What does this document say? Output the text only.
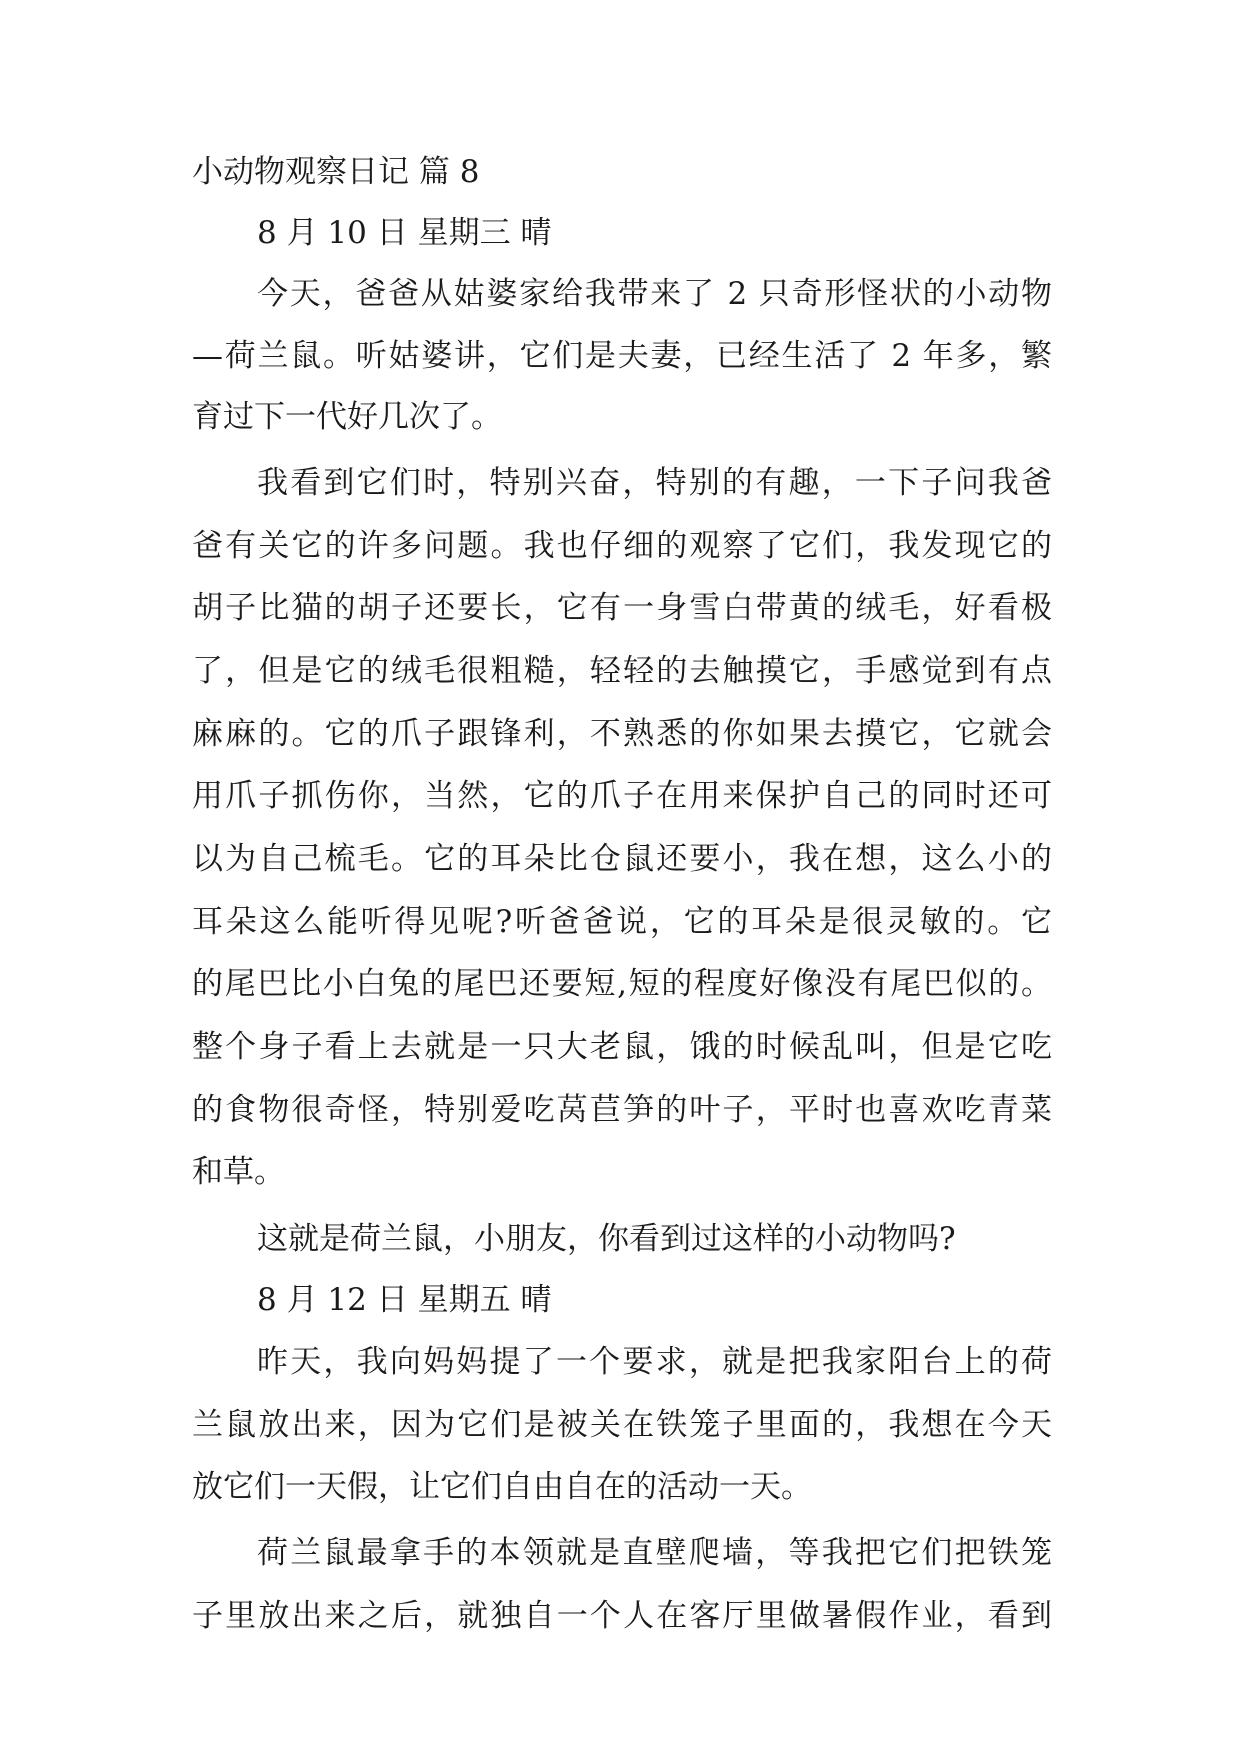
小动物观察日记 篇 8
8 月 10 日 星期三 晴
今天，爸爸从姑婆家给我带来了 2 只奇形怪状的小动物
—荷兰鼠。听姑婆讲，它们是夫妻，已经生活了 2 年多，繁
育过下一代好几次了。
我看到它们时，特别兴奋，特别的有趣，一下子问我爸
爸有关它的许多问题。我也仔细的观察了它们，我发现它的
胡子比猫的胡子还要长，它有一身雪白带黄的绒毛，好看极
了，但是它的绒毛很粗糙，轻轻的去触摸它，手感觉到有点
麻麻的。它的爪子跟锋利，不熟悉的你如果去摸它，它就会
用爪子抓伤你，当然，它的爪子在用来保护自己的同时还可
以为自己梳毛。它的耳朵比仓鼠还要小，我在想，这么小的
耳朵这么能听得见呢?听爸爸说，它的耳朵是很灵敏的。它
的尾巴比小白兔的尾巴还要短,短的程度好像没有尾巴似的。
整个身子看上去就是一只大老鼠，饿的时候乱叫，但是它吃
的食物很奇怪，特别爱吃莴苣笋的叶子，平时也喜欢吃青菜
和草。
这就是荷兰鼠，小朋友，你看到过这样的小动物吗?
8 月 12 日 星期五 晴
昨天，我向妈妈提了一个要求，就是把我家阳台上的荷
兰鼠放出来，因为它们是被关在铁笼子里面的，我想在今天
放它们一天假，让它们自由自在的活动一天。
荷兰鼠最拿手的本领就是直壁爬墙，等我把它们把铁笼
子里放出来之后，就独自一个人在客厅里做暑假作业，看到
